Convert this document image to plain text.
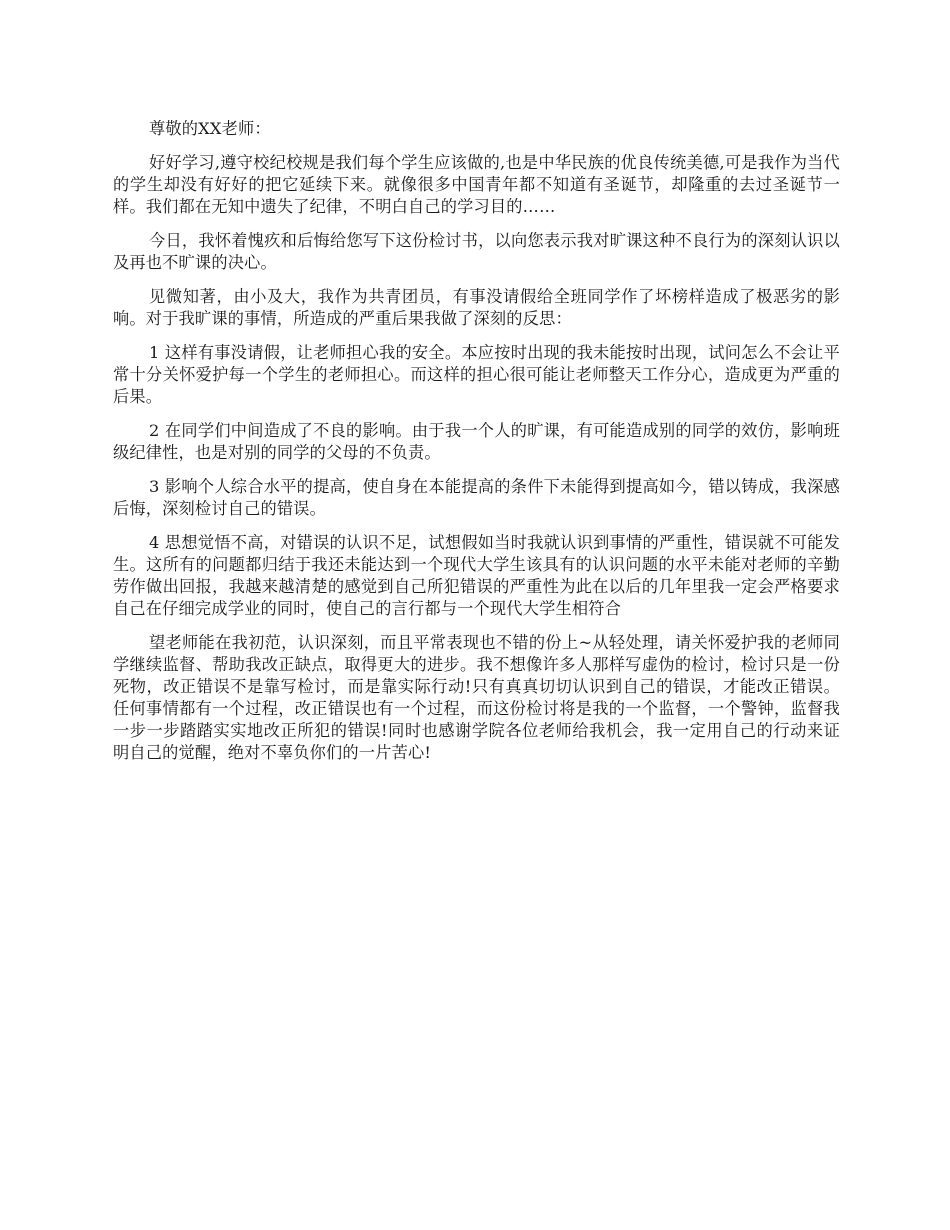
尊敬的XX老师：

好好学习,遵守校纪校规是我们每个学生应该做的,也是中华民族的优良传统美德,可是我作为当代的学生却没有好好的把它延续下来。就像很多中国青年都不知道有圣诞节，却隆重的去过圣诞节一样。我们都在无知中遗失了纪律，不明白自己的学习目的……

今日，我怀着愧疚和后悔给您写下这份检讨书，以向您表示我对旷课这种不良行为的深刻认识以及再也不旷课的决心。

见微知著，由小及大，我作为共青团员，有事没请假给全班同学作了坏榜样造成了极恶劣的影响。对于我旷课的事情，所造成的严重后果我做了深刻的反思：

1 这样有事没请假，让老师担心我的安全。本应按时出现的我未能按时出现，试问怎么不会让平常十分关怀爱护每一个学生的老师担心。而这样的担心很可能让老师整天工作分心，造成更为严重的后果。

2 在同学们中间造成了不良的影响。由于我一个人的旷课，有可能造成别的同学的效仿，影响班级纪律性，也是对别的同学的父母的不负责。

3 影响个人综合水平的提高，使自身在本能提高的条件下未能得到提高如今，错以铸成，我深感后悔，深刻检讨自己的错误。

4 思想觉悟不高，对错误的认识不足，试想假如当时我就认识到事情的严重性，错误就不可能发生。这所有的问题都归结于我还未能达到一个现代大学生该具有的认识问题的水平未能对老师的辛勤劳作做出回报，我越来越清楚的感觉到自己所犯错误的严重性为此在以后的几年里我一定会严格要求自己在仔细完成学业的同时，使自己的言行都与一个现代大学生相符合

望老师能在我初范，认识深刻，而且平常表现也不错的份上~从轻处理，请关怀爱护我的老师同学继续监督、帮助我改正缺点，取得更大的进步。我不想像许多人那样写虚伪的检讨，检讨只是一份死物，改正错误不是靠写检讨，而是靠实际行动!只有真真切切认识到自己的错误，才能改正错误。任何事情都有一个过程，改正错误也有一个过程，而这份检讨将是我的一个监督，一个警钟，监督我一步一步踏踏实实地改正所犯的错误!同时也感谢学院各位老师给我机会，我一定用自己的行动来证明自己的觉醒，绝对不辜负你们的一片苦心!
